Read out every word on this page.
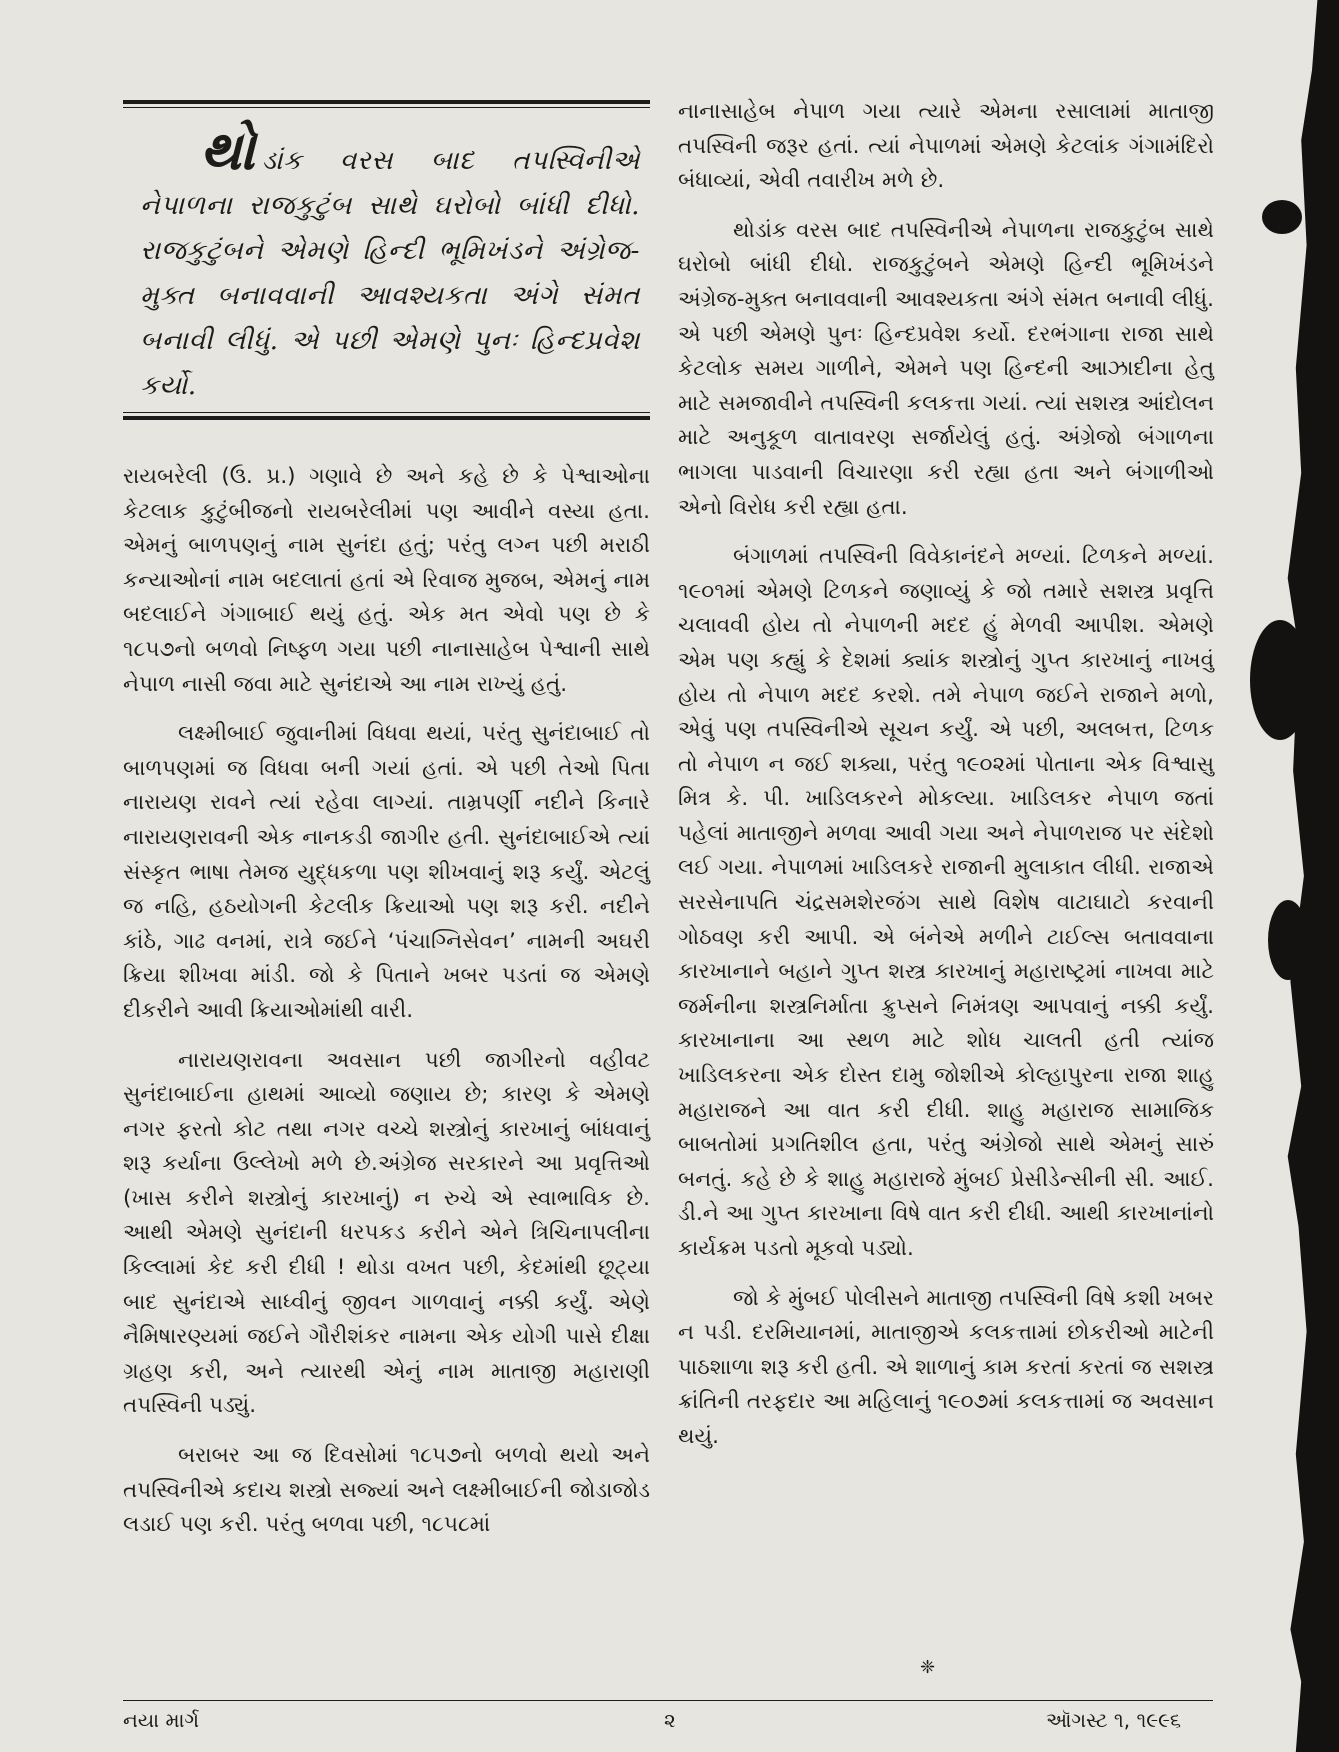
થોડાંક વરસ બાદ તપસ્વિનીએ નેપાળના રાજકુટુંબ સાથે ઘરોબો બાંધી દીધો. રાજકુટુંબને એમણે હિન્દી ભૂમિખંડને અંગ્રેજ-મુક્ત બનાવવાની આવશ્યકતા અંગે સંમત બનાવી લીધું. એ પછી એમણે પુનઃ હિન્દપ્રવેશ કર્યો.

રાયબરેલી (ઉ. પ્ર.) ગણાવે છે અને કહે છે કે પેશ્વાઓના કેટલાક કુટુંબીજનો રાયબરેલીમાં પણ આવીને વસ્યા હતા. એમનું બાળપણનું નામ સુનંદા હતું; પરંતુ લગ્ન પછી મરાઠી કન્યાઓનાં નામ બદલાતાં હતાં એ રિવાજ મુજબ, એમનું નામ બદલાઈને ગંગાબાઈ થયું હતું. એક મત એવો પણ છે કે ૧૮૫૭નો બળવો નિષ્ફળ ગયા પછી નાનાસાહેબ પેશ્વાની સાથે નેપાળ નાસી જવા માટે સુનંદાએ આ નામ રાખ્યું હતું.

લક્ષ્મીબાઈ જુવાનીમાં વિધવા થયાં, પરંતુ સુનંદાબાઈ તો બાળપણમાં જ વિધવા બની ગયાં હતાં. એ પછી તેઓ પિતા નારાયણ રાવને ત્યાં રહેવા લાગ્યાં. તામ્રપર્ણી નદીને કિનારે નારાયણરાવની એક નાનકડી જાગીર હતી. સુનંદાબાઈએ ત્યાં સંસ્કૃત ભાષા તેમજ યુદ્ધકળા પણ શીખવાનું શરૂ કર્યું. એટલું જ નહિ, હઠયોગની કેટલીક ક્રિયાઓ પણ શરૂ કરી. નદીને કાંઠે, ગાઢ વનમાં, રાત્રે જઈને ‘પંચાગ્નિસેવન’ નામની અઘરી ક્રિયા શીખવા માંડી. જો કે પિતાને ખબર પડતાં જ એમણે દીકરીને આવી ક્રિયાઓમાંથી વારી.

નારાયણરાવના અવસાન પછી જાગીરનો વહીવટ સુનંદાબાઈના હાથમાં આવ્યો જણાય છે; કારણ કે એમણે નગર ફરતો કોટ તથા નગર વચ્ચે શસ્ત્રોનું કારખાનું બાંધવાનું શરૂ કર્યાના ઉલ્લેખો મળે છે.અંગ્રેજ સરકારને આ પ્રવૃત્તિઓ (ખાસ કરીને શસ્ત્રોનું કારખાનું) ન રુચે એ સ્વાભાવિક છે. આથી એમણે સુનંદાની ધરપકડ કરીને એને ત્રિચિનાપલીના કિલ્લામાં કેદ કરી દીધી ! થોડા વખત પછી, કેદમાંથી છૂટ્યા બાદ સુનંદાએ સાધ્વીનું જીવન ગાળવાનું નક્કી કર્યું. એણે નૈમિષારણ્યમાં જઈને ગૌરીશંકર નામના એક યોગી પાસે દીક્ષા ગ્રહણ કરી, અને ત્યારથી એનું નામ માતાજી મહારાણી તપસ્વિની પડ્યું.

બરાબર આ જ દિવસોમાં ૧૮૫૭નો બળવો થયો અને તપસ્વિનીએ કદાચ શસ્ત્રો સજ્યાં અને લક્ષ્મીબાઈની જોડાજોડ લડાઈ પણ કરી. પરંતુ બળવા પછી, ૧૮૫૮માં

નાનાસાહેબ નેપાળ ગયા ત્યારે એમના રસાલામાં માતાજી તપસ્વિની જરૂર હતાં. ત્યાં નેપાળમાં એમણે કેટલાંક ગંગામંદિરો બંધાવ્યાં, એવી તવારીખ મળે છે.

થોડાંક વરસ બાદ તપસ્વિનીએ નેપાળના રાજકુટુંબ સાથે ઘરોબો બાંધી દીધો. રાજકુટુંબને એમણે હિન્દી ભૂમિખંડને અંગ્રેજ-મુક્ત બનાવવાની આવશ્યકતા અંગે સંમત બનાવી લીધું. એ પછી એમણે પુનઃ હિન્દપ્રવેશ કર્યો. દરભંગાના રાજા સાથે કેટલોક સમય ગાળીને, એમને પણ હિન્દની આઝાદીના હેતુ માટે સમજાવીને તપસ્વિની કલકત્તા ગયાં. ત્યાં સશસ્ત્ર આંદોલન માટે અનુકૂળ વાતાવરણ સર્જાયેલું હતું. અંગ્રેજો બંગાળના ભાગલા પાડવાની વિચારણા કરી રહ્યા હતા અને બંગાળીઓ એનો વિરોધ કરી રહ્યા હતા.

બંગાળમાં તપસ્વિની વિવેકાનંદને મળ્યાં. ટિળકને મળ્યાં. ૧૯૦૧માં એમણે ટિળકને જણાવ્યું કે જો તમારે સશસ્ત્ર પ્રવૃત્તિ ચલાવવી હોય તો નેપાળની મદદ હું મેળવી આપીશ. એમણે એમ પણ કહ્યું કે દેશમાં ક્યાંક શસ્ત્રોનું ગુપ્ત કારખાનું નાખવું હોય તો નેપાળ મદદ કરશે. તમે નેપાળ જઈને રાજાને મળો, એવું પણ તપસ્વિનીએ સૂચન કર્યું. એ પછી, અલબત્ત, ટિળક તો નેપાળ ન જઈ શક્યા, પરંતુ ૧૯૦૨માં પોતાના એક વિશ્વાસુ મિત્ર કે. પી. ખાડિલકરને મોકલ્યા. ખાડિલકર નેપાળ જતાં પહેલાં માતાજીને મળવા આવી ગયા અને નેપાળરાજ પર સંદેશો લઈ ગયા. નેપાળમાં ખાડિલકરે રાજાની મુલાકાત લીધી. રાજાએ સરસેનાપતિ ચંદ્રસમશેરજંગ સાથે વિશેષ વાટાઘાટો કરવાની ગોઠવણ કરી આપી. એ બંનેએ મળીને ટાઈલ્સ બતાવવાના કારખાનાને બહાને ગુપ્ત શસ્ત્ર કારખાનું મહારાષ્ટ્રમાં નાખવા માટે જર્મનીના શસ્ત્રનિર્માતા ક્રુપ્સને નિમંત્રણ આપવાનું નક્કી કર્યું. કારખાનાના આ સ્થળ માટે શોધ ચાલતી હતી ત્યાંજ ખાડિલકરના એક દોસ્ત દામુ જોશીએ કોલ્હાપુરના રાજા શાહુ મહારાજને આ વાત કરી દીધી. શાહુ મહારાજ સામાજિક બાબતોમાં પ્રગતિશીલ હતા, પરંતુ અંગ્રેજો સાથે એમનું સારું બનતું. કહે છે કે શાહુ મહારાજે મુંબઈ પ્રેસીડેન્સીની સી. આઈ. ડી.ને આ ગુપ્ત કારખાના વિષે વાત કરી દીધી. આથી કારખાનાંનો કાર્યક્રમ પડતો મૂકવો પડ્યો.

જો કે મુંબઈ પોલીસને માતાજી તપસ્વિની વિષે કશી ખબર ન પડી. દરમિયાનમાં, માતાજીએ કલકત્તામાં છોકરીઓ માટેની પાઠશાળા શરૂ કરી હતી. એ શાળાનું કામ કરતાં કરતાં જ સશસ્ત્ર ક્રાંતિની તરફદાર આ મહિલાનું ૧૯૦૭માં કલકત્તામાં જ અવસાન થયું.

❈
નયા માર્ગ	૨	ઑગસ્ટ ૧, ૧૯૯૬
